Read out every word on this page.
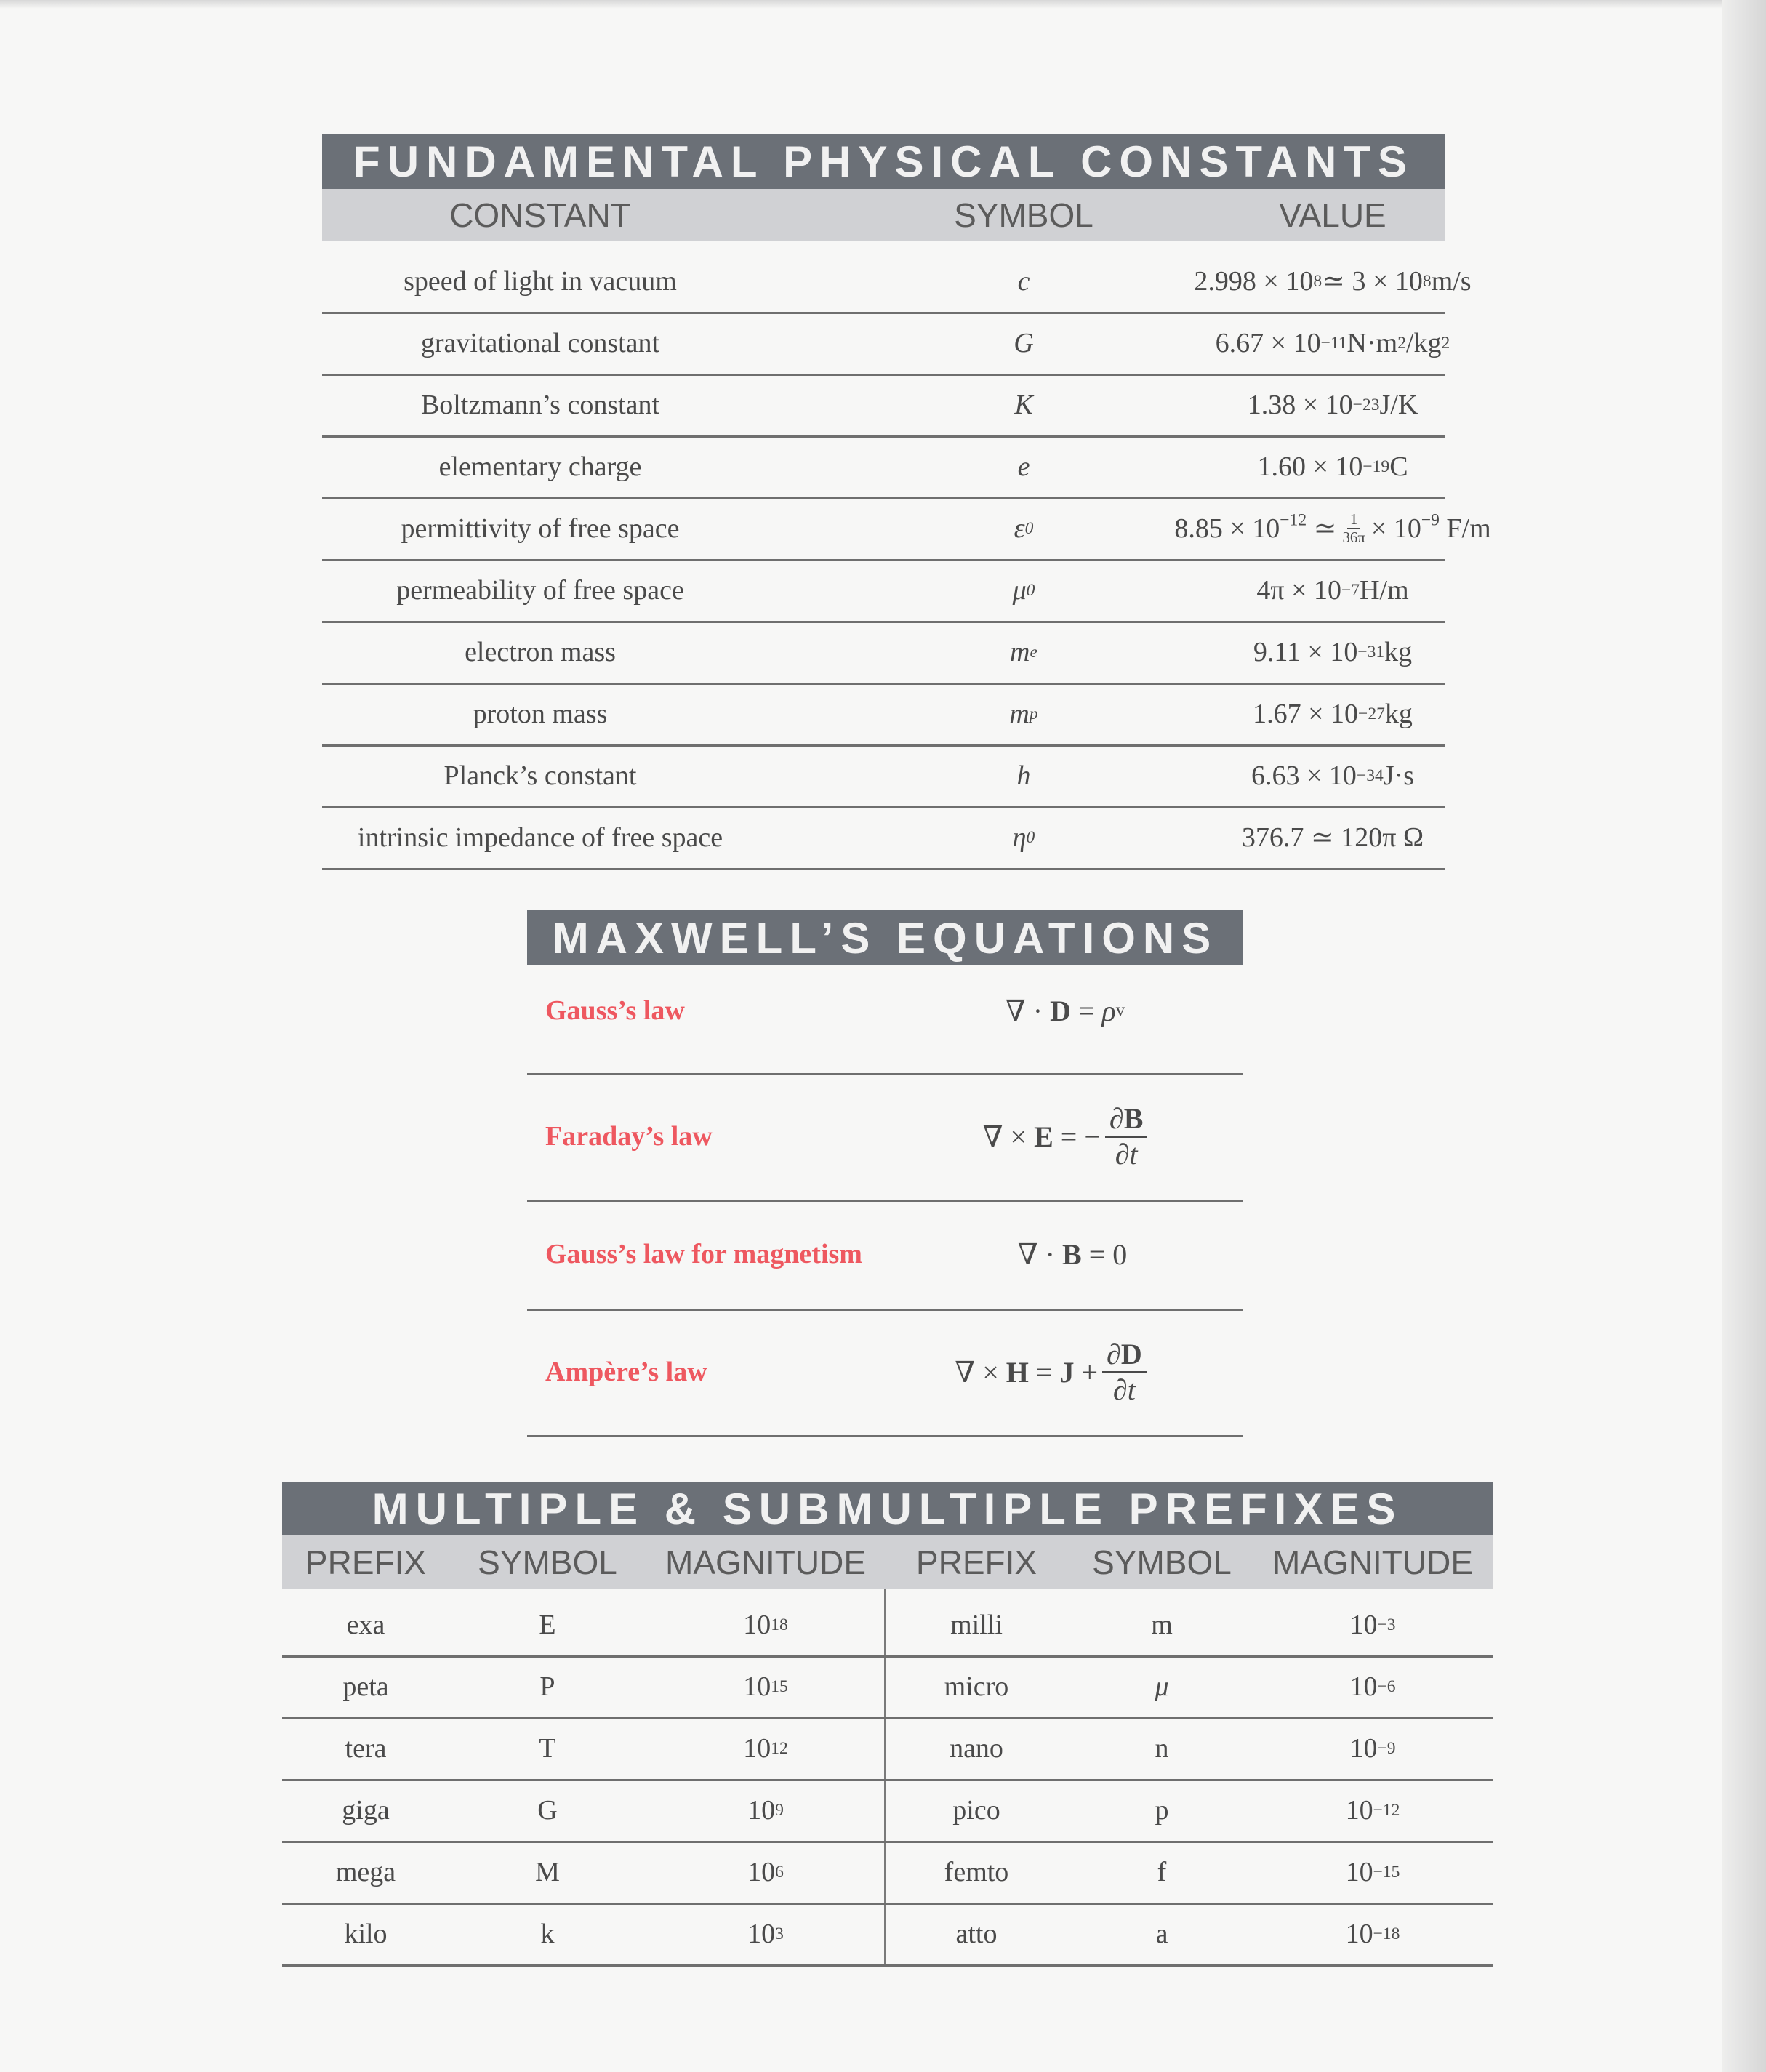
FUNDAMENTAL PHYSICAL CONSTANTS
CONSTANT	SYMBOL	VALUE
speed of light in vacuum	c	2.998 × 10 8 ≃ 3 × 10 8 m/s
gravitational constant	G	6.67 × 10 −11 N·m 2 /kg 2
Boltzmann’s constant	K	1.38 × 10 −23 J/K
elementary charge	e	1.60 × 10 −19 C
permittivity of free space	ε 0	$8.85 \times 10^{-12}$ ≃ $\frac{1}{36\pi} \times 10^{-9}$ F/m
permeability of free space	μ 0	4π × 10 −7 H/m
electron mass	m e	9.11 × 10 −31 kg
proton mass	m p	1.67 × 10 −27 kg
Planck’s constant	h	6.63 × 10 −34 J·s
intrinsic impedance of free space	η 0	376.7 ≃ 120π Ω
MAXWELL’S EQUATIONS
Gauss’s law	∇ · D = ρ v
Faraday’s law	∇ × E = − $\frac{\partial B}{\partial t}$
Gauss’s law for magnetism	∇ · B = 0
Ampère’s law	∇ × $H = J + \frac{\partial D}{\partial t}$
MULTIPLE & SUBMULTIPLE PREFIXES
PREFIX	SYMBOL	MAGNITUDE	PREFIX	SYMBOL	MAGNITUDE
exa	E	10 18	milli	m	10 −3
peta	P	10 15	micro	μ	10 −6
tera	T	10 12	nano	n	10 −9
giga	G	10 9	pico	p	10 −12
mega	M	10 6	femto	f	10 −15
kilo	k	10 3	atto	a	10 −18
